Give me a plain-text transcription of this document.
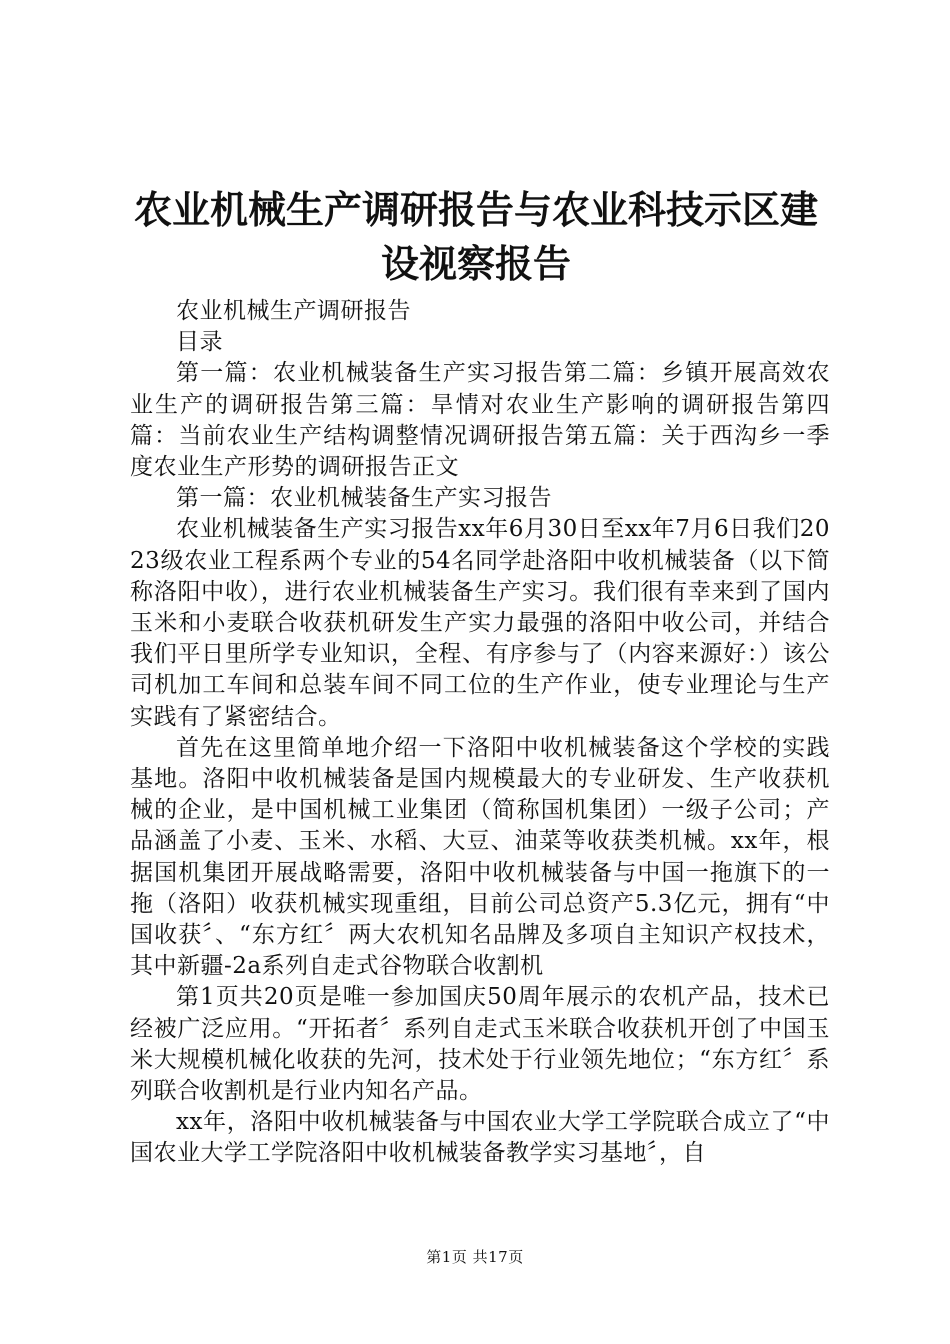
农业机械生产调研报告与农业科技示区建设视察报告

农业机械生产调研报告

目录

第一篇：农业机械装备生产实习报告第二篇：乡镇开展高效农业生产的调研报告第三篇：旱情对农业生产影响的调研报告第四篇：当前农业生产结构调整情况调研报告第五篇：关于西沟乡一季度农业生产形势的调研报告正文

第一篇：农业机械装备生产实习报告

农业机械装备生产实习报告xx年6月30日至xx年7月6日我们2023级农业工程系两个专业的54名同学赴洛阳中收机械装备（以下简称洛阳中收），进行农业机械装备生产实习。我们很有幸来到了国内玉米和小麦联合收获机研发生产实力最强的洛阳中收公司，并结合我们平日里所学专业知识，全程、有序参与了（内容来源好：）该公司机加工车间和总装车间不同工位的生产作业，使专业理论与生产实践有了紧密结合。

首先在这里简单地介绍一下洛阳中收机械装备这个学校的实践基地。洛阳中收机械装备是国内规模最大的专业研发、生产收获机械的企业，是中国机械工业集团（简称国机集团）一级子公司；产品涵盖了小麦、玉米、水稻、大豆、油菜等收获类机械。xx年，根据国机集团开展战略需要，洛阳中收机械装备与中国一拖旗下的一拖（洛阳）收获机械实现重组，目前公司总资产5.3亿元，拥有“中国收获〞、“东方红〞两大农机知名品牌及多项自主知识产权技术，其中新疆-2a系列自走式谷物联合收割机

第1页共20页是唯一参加国庆50周年展示的农机产品，技术已经被广泛应用。“开拓者〞系列自走式玉米联合收获机开创了中国玉米大规模机械化收获的先河，技术处于行业领先地位；“东方红〞系列联合收割机是行业内知名产品。

xx年，洛阳中收机械装备与中国农业大学工学院联合成立了“中国农业大学工学院洛阳中收机械装备教学实习基地〞，自

第1页 共17页
